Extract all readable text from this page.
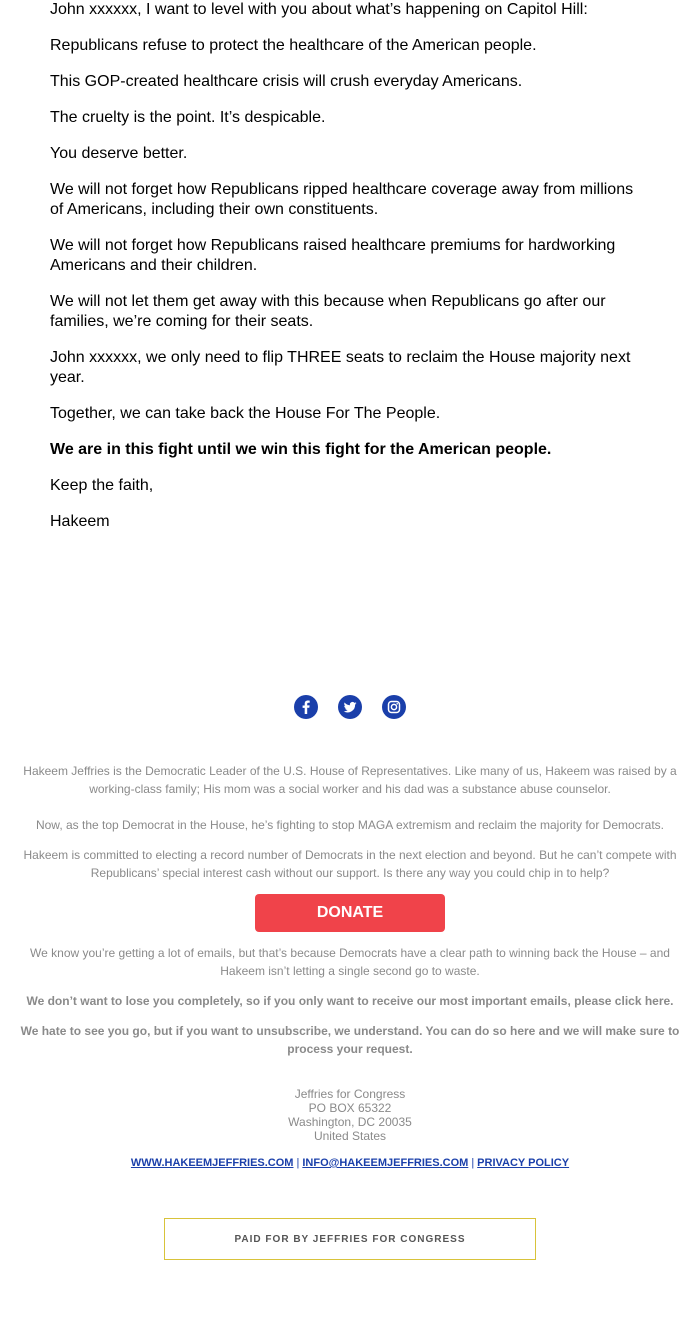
John xxxxxx, I want to level with you about what’s happening on Capitol Hill:

Republicans refuse to protect the healthcare of the American people.

This GOP-created healthcare crisis will crush everyday Americans.

The cruelty is the point. It’s despicable.

You deserve better.

We will not forget how Republicans ripped healthcare coverage away from millions of Americans, including their own constituents.

We will not forget how Republicans raised healthcare premiums for hardworking Americans and their children.

We will not let them get away with this because when Republicans go after our families, we’re coming for their seats.

John xxxxxx, we only need to flip THREE seats to reclaim the House majority next year.

Together, we can take back the House For The People.

We are in this fight until we win this fight for the American people.

Keep the faith,

Hakeem

Hakeem Jeffries is the Democratic Leader of the U.S. House of Representatives. Like many of us, Hakeem was raised by a working-class family; His mom was a social worker and his dad was a substance abuse counselor.

Now, as the top Democrat in the House, he’s fighting to stop MAGA extremism and reclaim the majority for Democrats.

Hakeem is committed to electing a record number of Democrats in the next election and beyond. But he can’t compete with Republicans’ special interest cash without our support. Is there any way you could chip in to help?

DONATE

We know you’re getting a lot of emails, but that’s because Democrats have a clear path to winning back the House – and Hakeem isn’t letting a single second go to waste.

We don’t want to lose you completely, so if you only want to receive our most important emails, please click here.

We hate to see you go, but if you want to unsubscribe, we understand. You can do so here and we will make sure to process your request.

Jeffries for Congress
PO BOX 65322
Washington, DC 20035
United States
WWW.HAKEEMJEFFRIES.COM | INFO@HAKEEMJEFFRIES.COM | PRIVACY POLICY
PAID FOR BY JEFFRIES FOR CONGRESS
